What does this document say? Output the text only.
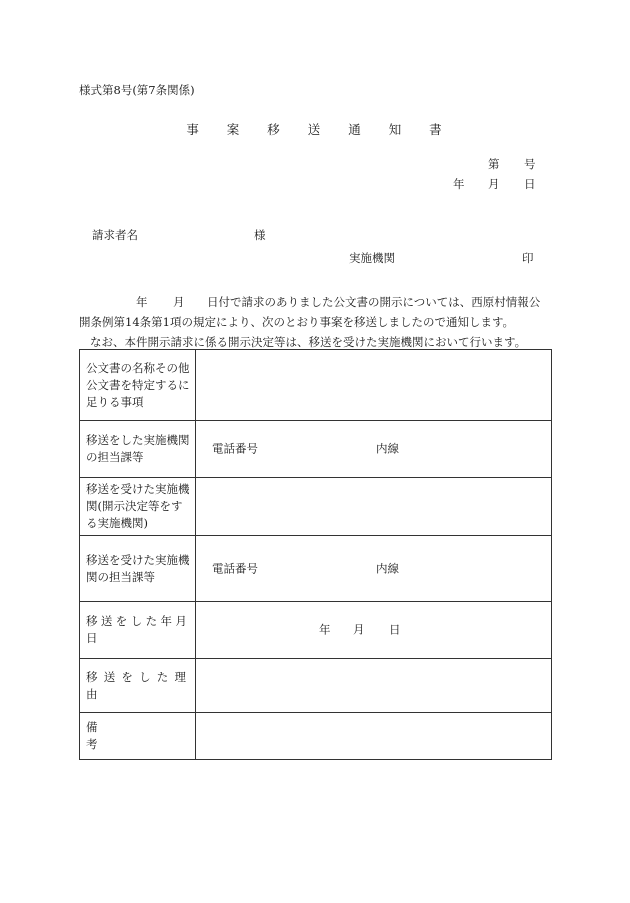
様式第8号(第7条関係)
事 案 移 送 通 知 書
第 号
年 月 日
請求者名	様
実施機関	印
年 月 日付で請求のありました公文書の開示については、西原村情報公
開条例第14条第1項の規定により、次のとおり事案を移送しましたので通知します。
なお、本件開示請求に係る開示決定等は、移送を受けた実施機関において行います。
公文書の名称その他公文書を特定するに足りる事項	

移送をした実施機関の担当課等	電話番号 内線

移送を受けた実施機関(開示決定等をする実施機関)	

移送を受けた実施機関の担当課等	電話番号 内線

移送をした年月日	年 月 日

移送をした理由	

備考	
